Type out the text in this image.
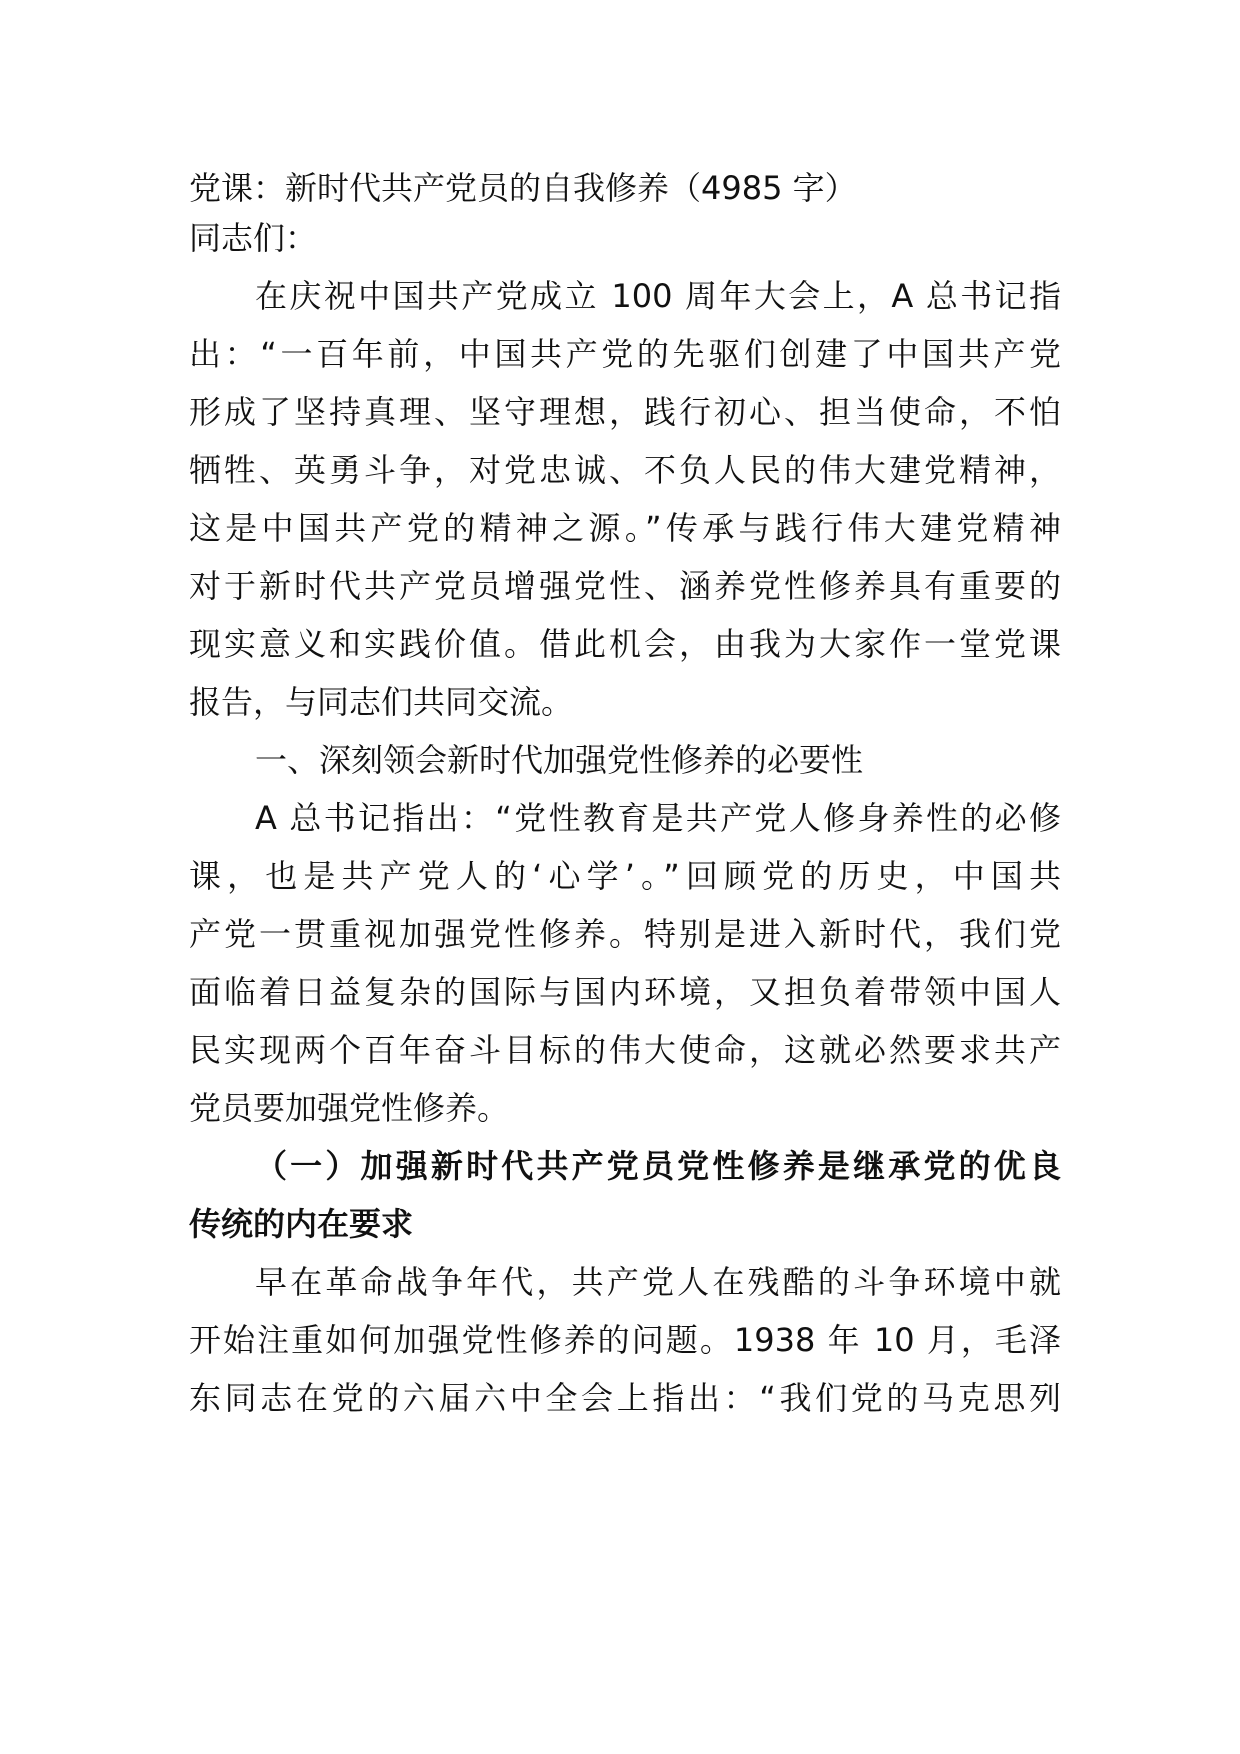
党课：新时代共产党员的自我修养（4985 字）
同志们：
在庆祝中国共产党成立 100 周年大会上，A 总书记指
出：“一百年前，中国共产党的先驱们创建了中国共产党
形成了坚持真理、坚守理想，践行初心、担当使命，不怕
牺牲、英勇斗争，对党忠诚、不负人民的伟大建党精神，
这是中国共产党的精神之源。”传承与践行伟大建党精神
对于新时代共产党员增强党性、涵养党性修养具有重要的
现实意义和实践价值。借此机会，由我为大家作一堂党课
报告，与同志们共同交流。
一、深刻领会新时代加强党性修养的必要性
A 总书记指出：“党性教育是共产党人修身养性的必修
课，也是共产党人的‘心学’。”回顾党的历史，中国共
产党一贯重视加强党性修养。特别是进入新时代，我们党
面临着日益复杂的国际与国内环境，又担负着带领中国人
民实现两个百年奋斗目标的伟大使命，这就必然要求共产
党员要加强党性修养。
（一）加强新时代共产党员党性修养是继承党的优良
传统的内在要求
早在革命战争年代，共产党人在残酷的斗争环境中就
开始注重如何加强党性修养的问题。1938 年 10 月，毛泽
东同志在党的六届六中全会上指出：“我们党的马克思列
